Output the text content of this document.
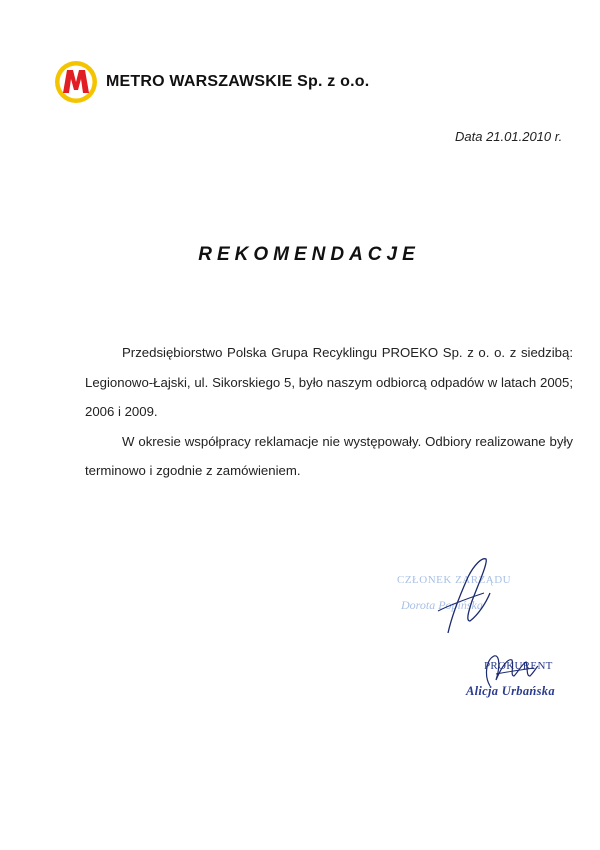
METRO WARSZAWSKIE Sp. z o.o.
Data 21.01.2010 r.
REKOMENDACJE

Przedsiębiorstwo Polska Grupa Recyklingu PROEKO Sp. z o. o. z siedzibą: Legionowo-Łajski, ul. Sikorskiego 5, było naszym odbiorcą odpadów w latach 2005; 2006 i 2009.

W okresie współpracy reklamacje nie występowały. Odbiory realizowane były terminowo i zgodnie z zamówieniem.

CZŁONEK ZARZĄDU
Dorota Popińska
PROKURENT
Alicja Urbańska
